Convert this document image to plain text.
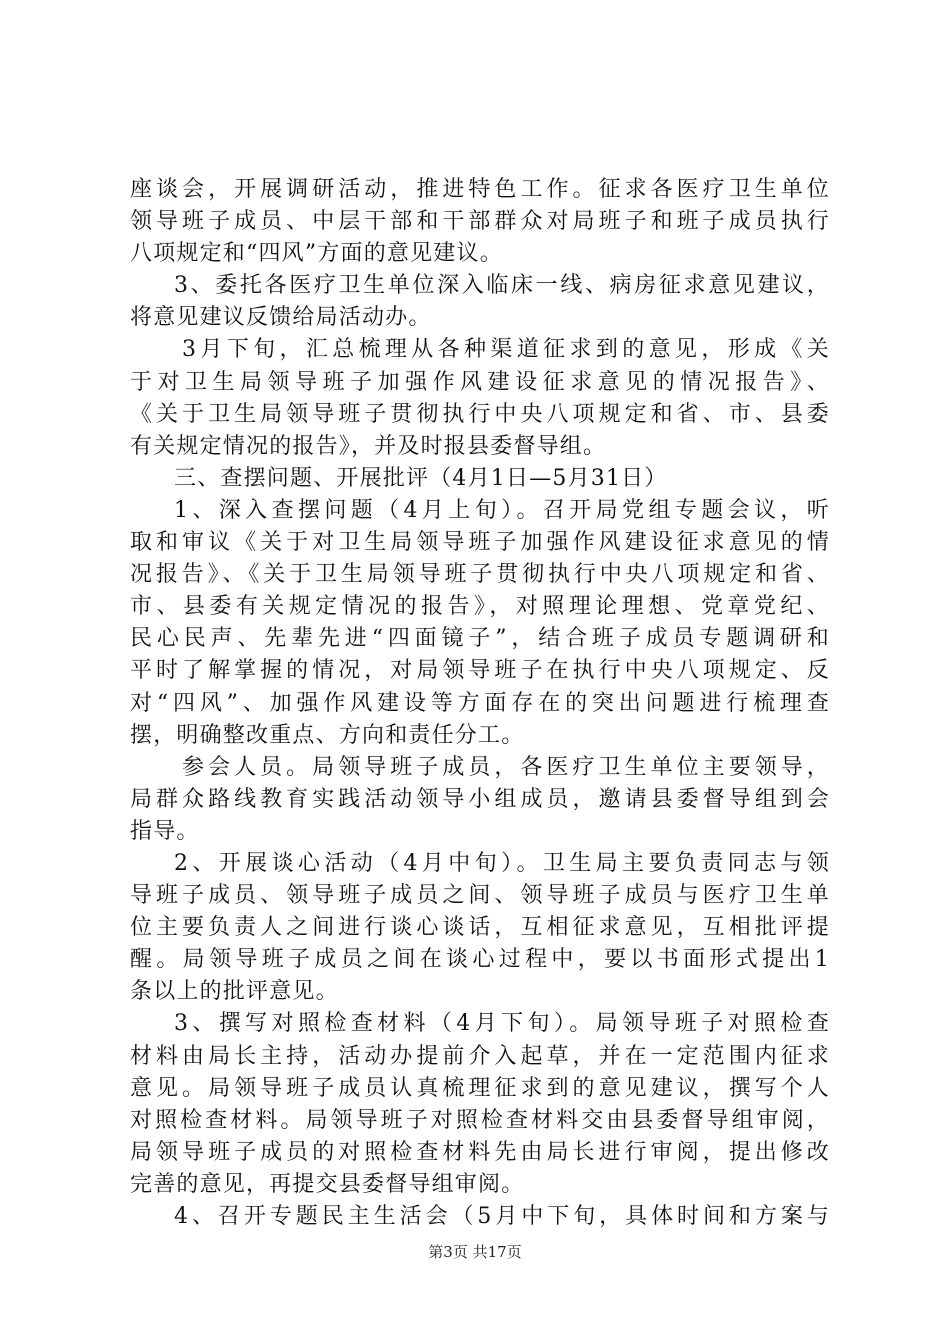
座谈会，开展调研活动，推进特色工作。征求各医疗卫生单位
领导班子成员、中层干部和干部群众对局班子和班子成员执行
八项规定和“四风”方面的意见建议。
3、委托各医疗卫生单位深入临床一线、病房征求意见建议，
将意见建议反馈给局活动办。
3月下旬，汇总梳理从各种渠道征求到的意见，形成《关
于对卫生局领导班子加强作风建设征求意见的情况报告》、
《关于卫生局领导班子贯彻执行中央八项规定和省、市、县委
有关规定情况的报告》，并及时报县委督导组。
三、查摆问题、开展批评（4月1日—5月31日）
1、深入查摆问题（4月上旬）。召开局党组专题会议，听
取和审议《关于对卫生局领导班子加强作风建设征求意见的情
况报告》、《关于卫生局领导班子贯彻执行中央八项规定和省、
市、县委有关规定情况的报告》，对照理论理想、党章党纪、
民心民声、先辈先进“四面镜子”，结合班子成员专题调研和
平时了解掌握的情况，对局领导班子在执行中央八项规定、反
对“四风”、加强作风建设等方面存在的突出问题进行梳理查
摆，明确整改重点、方向和责任分工。
参会人员。局领导班子成员，各医疗卫生单位主要领导，
局群众路线教育实践活动领导小组成员，邀请县委督导组到会
指导。
2、开展谈心活动（4月中旬）。卫生局主要负责同志与领
导班子成员、领导班子成员之间、领导班子成员与医疗卫生单
位主要负责人之间进行谈心谈话，互相征求意见，互相批评提
醒。局领导班子成员之间在谈心过程中，要以书面形式提出1
条以上的批评意见。
3、撰写对照检查材料（4月下旬）。局领导班子对照检查
材料由局长主持，活动办提前介入起草，并在一定范围内征求
意见。局领导班子成员认真梳理征求到的意见建议，撰写个人
对照检查材料。局领导班子对照检查材料交由县委督导组审阅，
局领导班子成员的对照检查材料先由局长进行审阅，提出修改
完善的意见，再提交县委督导组审阅。
4、召开专题民主生活会（5月中下旬，具体时间和方案与
第3页 共17页
